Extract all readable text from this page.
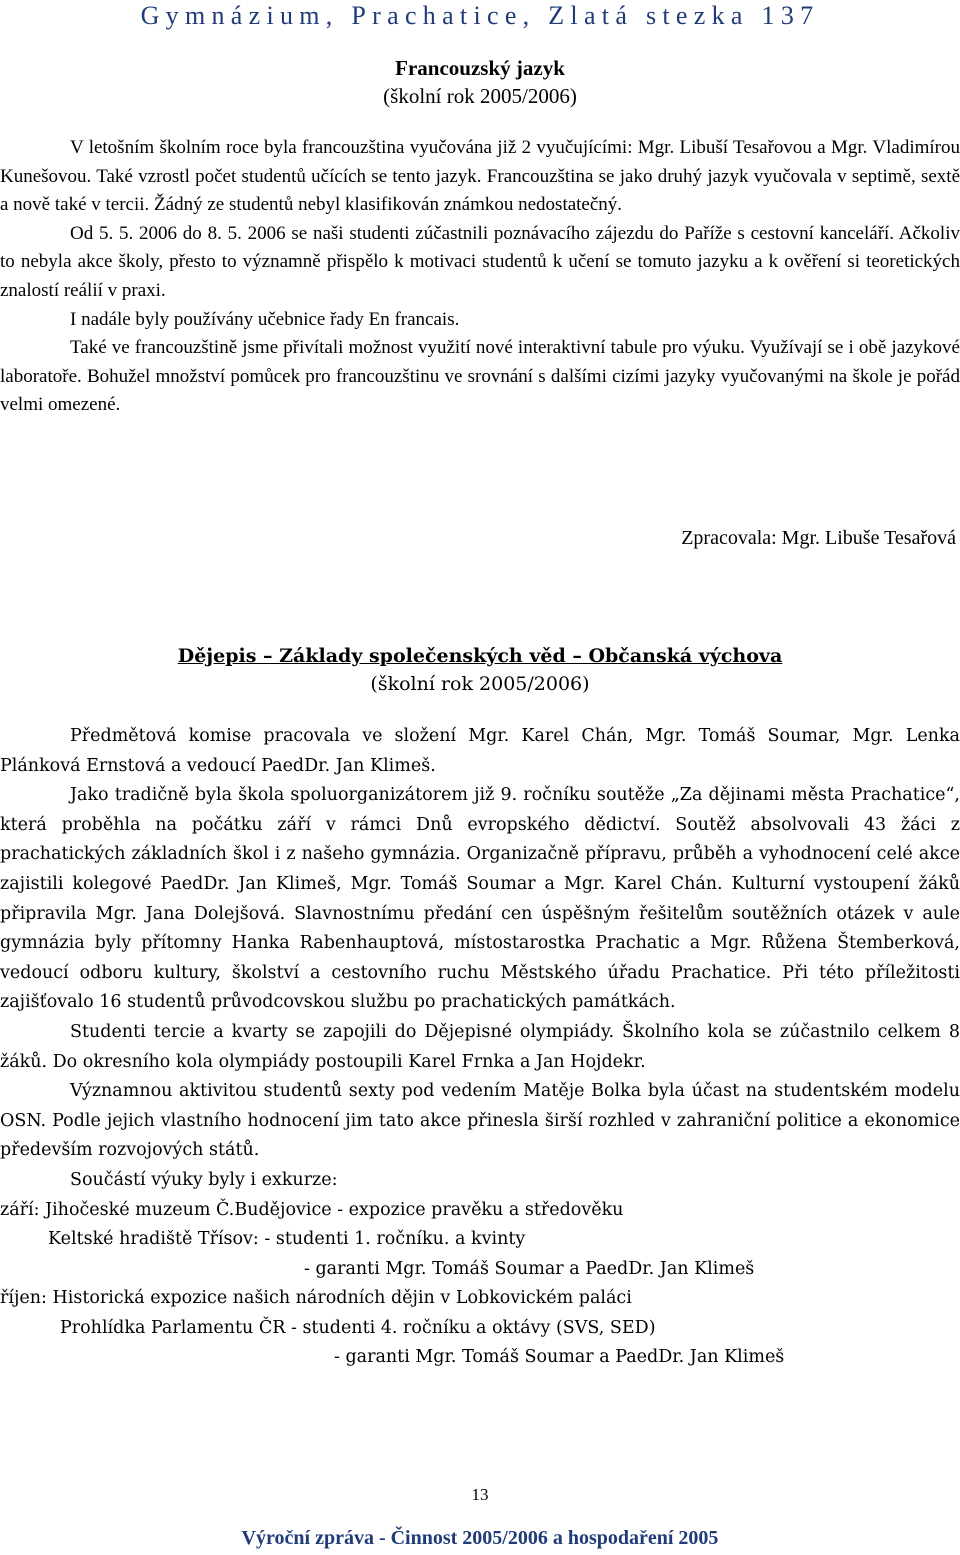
Gymnázium, Prachatice, Zlatá stezka 137
Francouzský jazyk
(školní rok 2005/2006)

V letošním školním roce byla francouzština vyučována již 2 vyučujícími: Mgr. Libuší Tesařovou a Mgr. Vladimírou Kunešovou. Také vzrostl počet studentů učících se tento jazyk. Francouzština se jako druhý jazyk vyučovala v septimě, sextě a nově také v tercii. Žádný ze studentů nebyl klasifikován známkou nedostatečný.

Od 5. 5. 2006 do 8. 5. 2006 se naši studenti zúčastnili poznávacího zájezdu do Paříže s cestovní kanceláří. Ačkoliv to nebyla akce školy, přesto to významně přispělo k motivaci studentů k učení se tomuto jazyku a k ověření si teoretických znalostí reálií v praxi.

I nadále byly používány učebnice řady En francais.

Také ve francouzštině jsme přivítali možnost využití nové interaktivní tabule pro výuku. Využívají se i obě jazykové laboratoře. Bohužel množství pomůcek pro francouzštinu ve srovnání s dalšími cizími jazyky vyučovanými na škole je pořád velmi omezené.

Zpracovala: Mgr. Libuše Tesařová
Dějepis – Základy společenských věd – Občanská výchova
(školní rok 2005/2006)

Předmětová komise pracovala ve složení Mgr. Karel Chán, Mgr. Tomáš Soumar, Mgr. Lenka Plánková Ernstová a vedoucí PaedDr. Jan Klimeš.

Jako tradičně byla škola spoluorganizátorem již 9. ročníku soutěže „Za dějinami města Prachatice“, která proběhla na počátku září v rámci Dnů evropského dědictví. Soutěž absolvovali 43 žáci z prachatických základních škol i z našeho gymnázia. Organizačně přípravu, průběh a vyhodnocení celé akce zajistili kolegové PaedDr. Jan Klimeš, Mgr. Tomáš Soumar a Mgr. Karel Chán. Kulturní vystoupení žáků připravila Mgr. Jana Dolejšová. Slavnostnímu předání cen úspěšným řešitelům soutěžních otázek v aule gymnázia byly přítomny Hanka Rabenhauptová, místostarostka Prachatic a Mgr. Růžena Štemberková, vedoucí odboru kultury, školství a cestovního ruchu Městského úřadu Prachatice. Při této příležitosti zajišťovalo 16 studentů průvodcovskou službu po prachatických památkách.

Studenti tercie a kvarty se zapojili do Dějepisné olympiády. Školního kola se zúčastnilo celkem 8 žáků. Do okresního kola olympiády postoupili Karel Frnka a Jan Hojdekr.

Významnou aktivitou studentů sexty pod vedením Matěje Bolka byla účast na studentském modelu OSN. Podle jejich vlastního hodnocení jim tato akce přinesla širší rozhled v zahraniční politice a ekonomice především rozvojových států.

Součástí výuky byly i exkurze:

září: Jihočeské muzeum Č.Budějovice - expozice pravěku a středověku
Keltské hradiště Třísov: - studenti 1. ročníku. a kvinty
- garanti Mgr. Tomáš Soumar a PaedDr. Jan Klimeš
říjen: Historická expozice našich národních dějin v Lobkovickém paláci
Prohlídka Parlamentu ČR - studenti 4. ročníku a oktávy (SVS, SED)
- garanti Mgr. Tomáš Soumar a PaedDr. Jan Klimeš
13
Výroční zpráva - Činnost 2005/2006 a hospodaření 2005
